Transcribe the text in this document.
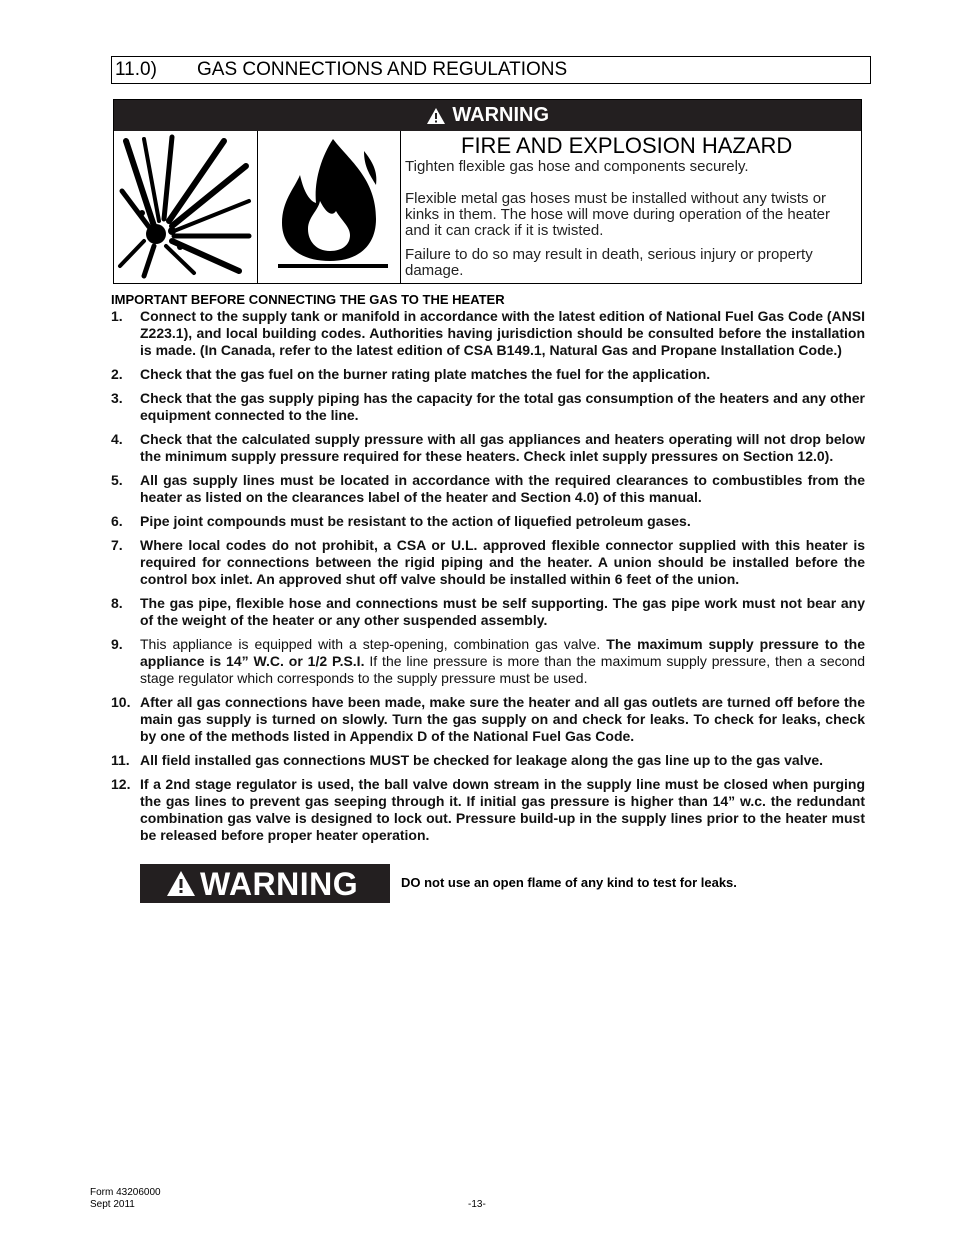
11.0) GAS CONNECTIONS AND REGULATIONS
WARNING
FIRE AND EXPLOSION HAZARD

Tighten flexible gas hose and components securely.

Flexible metal gas hoses must be installed without any twists or kinks in them. The hose will move during operation of the heater and it can crack if it is twisted.

Failure to do so may result in death, serious injury or property damage.

IMPORTANT BEFORE CONNECTING THE GAS TO THE HEATER
1. Connect to the supply tank or manifold in accordance with the latest edition of National Fuel Gas Code (ANSI Z223.1), and local building codes. Authorities having jurisdiction should be consulted before the installation is made. (In Canada, refer to the latest edition of CSA B149.1, Natural Gas and Propane Installation Code.)
2. Check that the gas fuel on the burner rating plate matches the fuel for the application.
3. Check that the gas supply piping has the capacity for the total gas consumption of the heaters and any other equipment connected to the line.
4. Check that the calculated supply pressure with all gas appliances and heaters operating will not drop below the minimum supply pressure required for these heaters. Check inlet supply pressures on Section 12.0).
5. All gas supply lines must be located in accordance with the required clearances to combustibles from the heater as listed on the clearances label of the heater and Section 4.0) of this manual.
6. Pipe joint compounds must be resistant to the action of liquefied petroleum gases.
7. Where local codes do not prohibit, a CSA or U.L. approved flexible connector supplied with this heater is required for connections between the rigid piping and the heater. A union should be installed before the control box inlet. An approved shut off valve should be installed within 6 feet of the union.
8. The gas pipe, flexible hose and connections must be self supporting. The gas pipe work must not bear any of the weight of the heater or any other suspended assembly.
9. This appliance is equipped with a step-opening, combination gas valve. The maximum supply pressure to the appliance is 14” W.C. or 1/2 P.S.I. If the line pressure is more than the maximum supply pressure, then a second stage regulator which corresponds to the supply pressure must be used.
10. After all gas connections have been made, make sure the heater and all gas outlets are turned off before the main gas supply is turned on slowly. Turn the gas supply on and check for leaks. To check for leaks, check by one of the methods listed in Appendix D of the National Fuel Gas Code.
11. All field installed gas connections MUST be checked for leakage along the gas line up to the gas valve.
12. If a 2nd stage regulator is used, the ball valve down stream in the supply line must be closed when purging the gas lines to prevent gas seeping through it. If initial gas pressure is higher than 14” w.c. the redundant combination gas valve is designed to lock out. Pressure build-up in the supply lines prior to the heater must be released before proper heater operation.
WARNING	DO not use an open flame of any kind to test for leaks.
Form 43206000
Sept 2011	-13-
